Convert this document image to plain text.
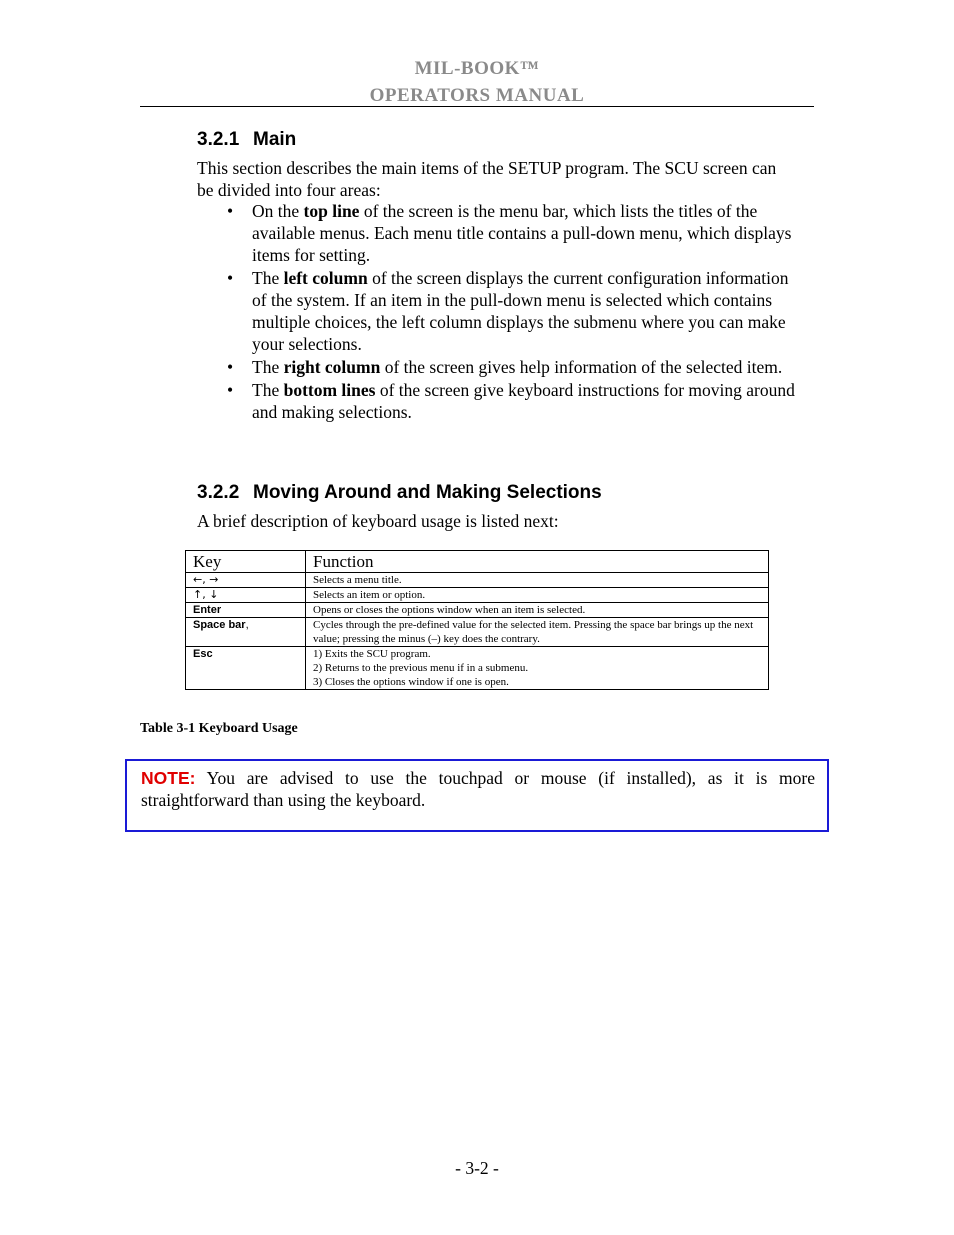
MIL-BOOK™
OPERATORS MANUAL
3.2.1 Main
This section describes the main items of the SETUP program. The SCU screen can be divided into four areas:
• On the top line of the screen is the menu bar, which lists the titles of the available menus. Each menu title contains a pull-down menu, which displays items for setting.
• The left column of the screen displays the current configuration information of the system. If an item in the pull-down menu is selected which contains multiple choices, the left column displays the submenu where you can make your selections.
• The right column of the screen gives help information of the selected item.
• The bottom lines of the screen give keyboard instructions for moving around and making selections.
3.2.2 Moving Around and Making Selections
A brief description of keyboard usage is listed next:
Key	Function
←, →	Selects a menu title.

↑, ↓	Selects an item or option.

Enter	Opens or closes the options window when an item is selected.

Space bar,	Cycles through the pre-defined value for the selected item. Pressing the space bar brings up the next value; pressing the minus (–) key does the contrary.

Esc	1) Exits the SCU program.
2) Returns to the previous menu if in a submenu.
3) Closes the options window if one is open.
Table 3-1 Keyboard Usage
NOTE: You are advised to use the touchpad or mouse (if installed), as it is more straightforward than using the keyboard.
- 3-2 -
